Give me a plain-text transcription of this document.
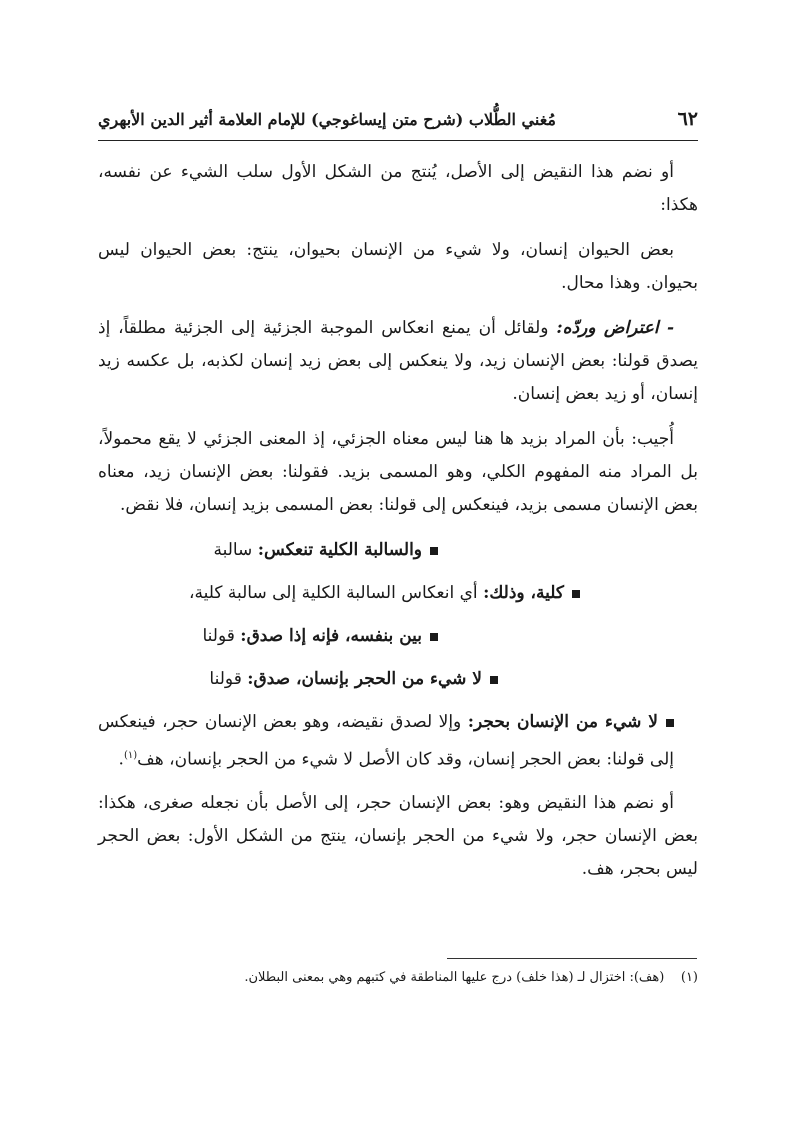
٦٢
مُغني الطُّلاب (شرح متن إيساغوجي) للإمام العلامة أثير الدين الأبهري

أو نضم هذا النقيض إلى الأصل، يُنتج من الشكل الأول سلب الشيء عن نفسه، هكذا:

بعض الحيوان إنسان، ولا شيء من الإنسان بحيوان، ينتج: بعض الحيوان ليس بحيوان. وهذا محال.

- اعتراض وردّه: ولقائل أن يمنع انعكاس الموجبة الجزئية إلى الجزئية مطلقاً، إذ يصدق قولنا: بعض الإنسان زيد، ولا ينعكس إلى بعض زيد إنسان لكذبه، بل عكسه زيد إنسان، أو زيد بعض إنسان.

أُجيب: بأن المراد بزيد ها هنا ليس معناه الجزئي، إذ المعنى الجزئي لا يقع محمولاً، بل المراد منه المفهوم الكلي، وهو المسمى بزيد. فقولنا: بعض الإنسان زيد، معناه بعض الإنسان مسمى بزيد، فينعكس إلى قولنا: بعض المسمى بزيد إنسان، فلا نقض.

والسالبة الكلية تنعكس: سالبة
كلية، وذلك: أي انعكاس السالبة الكلية إلى سالبة كلية،
بين بنفسه، فإنه إذا صدق: قولنا
لا شيء من الحجر بإنسان، صدق: قولنا
لا شيء من الإنسان بحجر: وإلا لصدق نقيضه، وهو بعض الإنسان حجر، فينعكس إلى قولنا: بعض الحجر إنسان، وقد كان الأصل لا شيء من الحجر بإنسان، هف$^{(١)}$.

أو نضم هذا النقيض وهو: بعض الإنسان حجر، إلى الأصل بأن نجعله صغرى، هكذا: بعض الإنسان حجر، ولا شيء من الحجر بإنسان، ينتج من الشكل الأول: بعض الحجر ليس بحجر، هف.

(١)    (هف): اختزال لـ (هذا خلف) درج عليها المناطقة في كتبهم وهي بمعنى البطلان.
